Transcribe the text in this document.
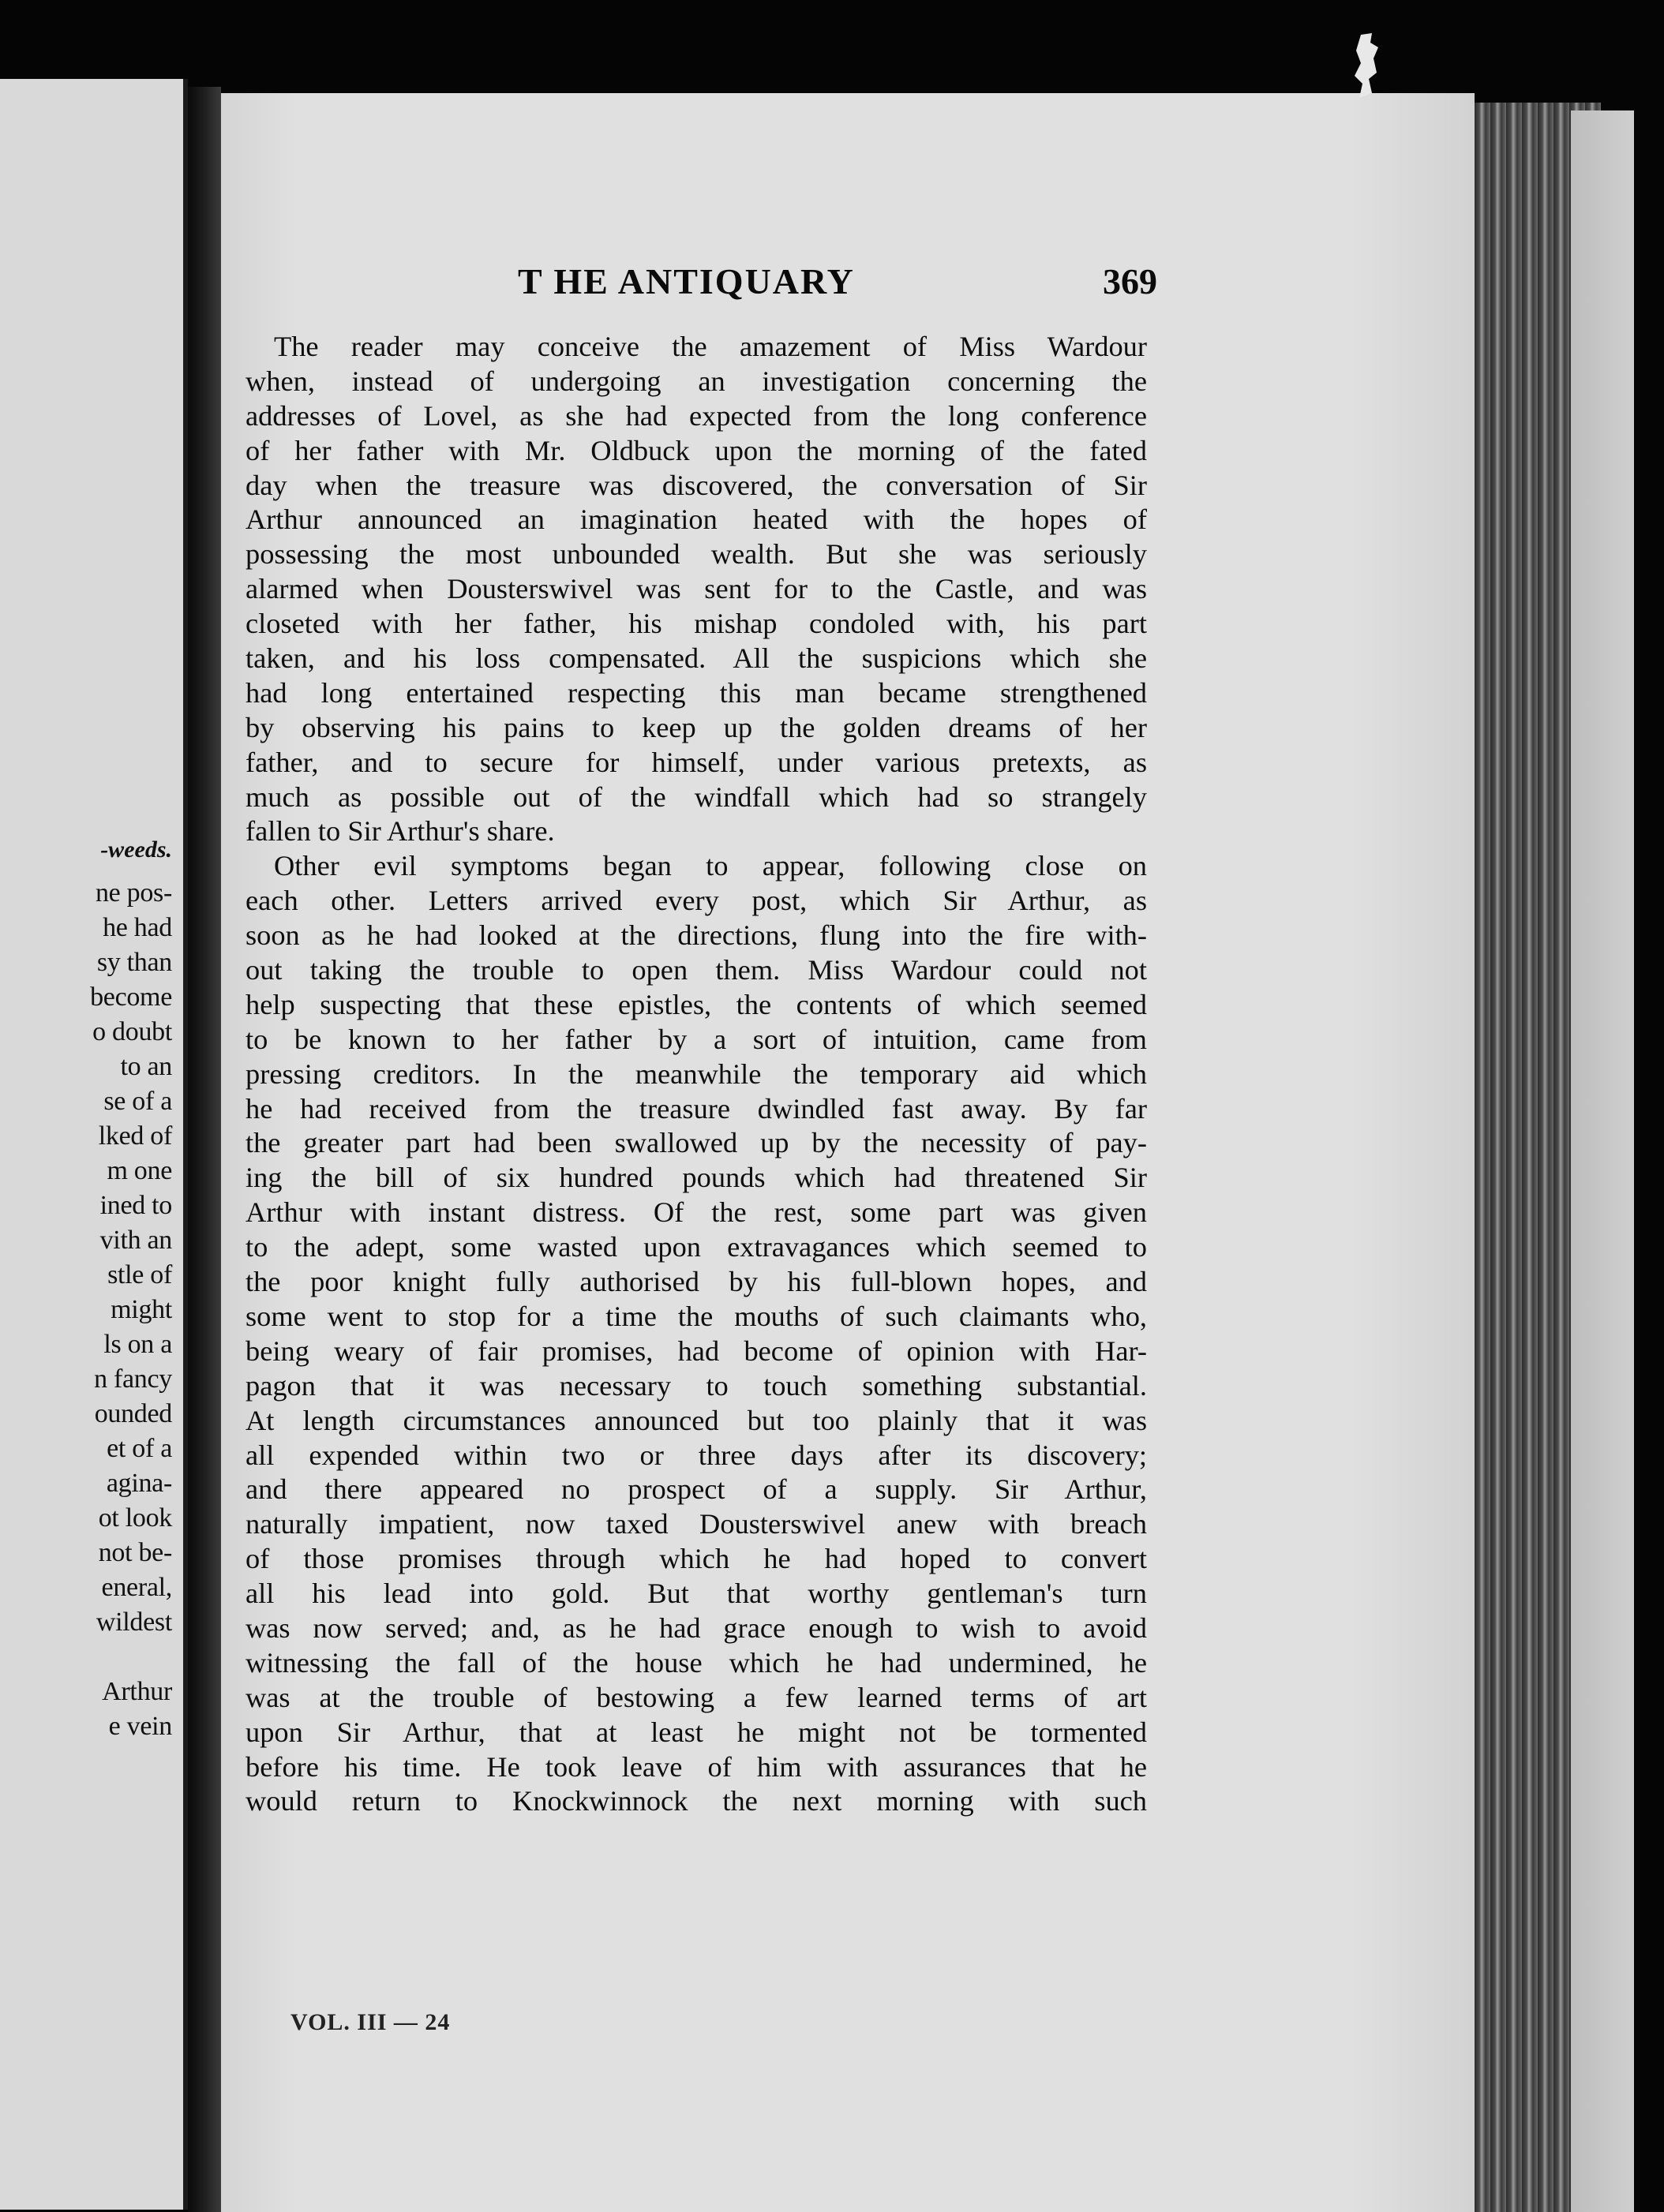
-weeds.
ne pos-
he had
sy than
become
o doubt
to an
se of a
lked of
m one
ined to
vith an
stle of
might
ls on a
n fancy
ounded
et of a
agina-
ot look
not be-
eneral,
wildest
Arthur
e vein
T HE ANTIQUARY	369
The reader may conceive the amazement of Miss Wardour
when, instead of undergoing an investigation concerning the
addresses of Lovel, as she had expected from the long conference
of her father with Mr. Oldbuck upon the morning of the fated
day when the treasure was discovered, the conversation of Sir
Arthur announced an imagination heated with the hopes of
possessing the most unbounded wealth. But she was seriously
alarmed when Dousterswivel was sent for to the Castle, and was
closeted with her father, his mishap condoled with, his part
taken, and his loss compensated. All the suspicions which she
had long entertained respecting this man became strengthened
by observing his pains to keep up the golden dreams of her
father, and to secure for himself, under various pretexts, as
much as possible out of the windfall which had so strangely
fallen to Sir Arthur's share.
Other evil symptoms began to appear, following close on
each other. Letters arrived every post, which Sir Arthur, as
soon as he had looked at the directions, flung into the fire with-
out taking the trouble to open them. Miss Wardour could not
help suspecting that these epistles, the contents of which seemed
to be known to her father by a sort of intuition, came from
pressing creditors. In the meanwhile the temporary aid which
he had received from the treasure dwindled fast away. By far
the greater part had been swallowed up by the necessity of pay-
ing the bill of six hundred pounds which had threatened Sir
Arthur with instant distress. Of the rest, some part was given
to the adept, some wasted upon extravagances which seemed to
the poor knight fully authorised by his full-blown hopes, and
some went to stop for a time the mouths of such claimants who,
being weary of fair promises, had become of opinion with Har-
pagon that it was necessary to touch something substantial.
At length circumstances announced but too plainly that it was
all expended within two or three days after its discovery;
and there appeared no prospect of a supply. Sir Arthur,
naturally impatient, now taxed Dousterswivel anew with breach
of those promises through which he had hoped to convert
all his lead into gold. But that worthy gentleman's turn
was now served; and, as he had grace enough to wish to avoid
witnessing the fall of the house which he had undermined, he
was at the trouble of bestowing a few learned terms of art
upon Sir Arthur, that at least he might not be tormented
before his time. He took leave of him with assurances that he
would return to Knockwinnock the next morning with such
VOL. III — 24
